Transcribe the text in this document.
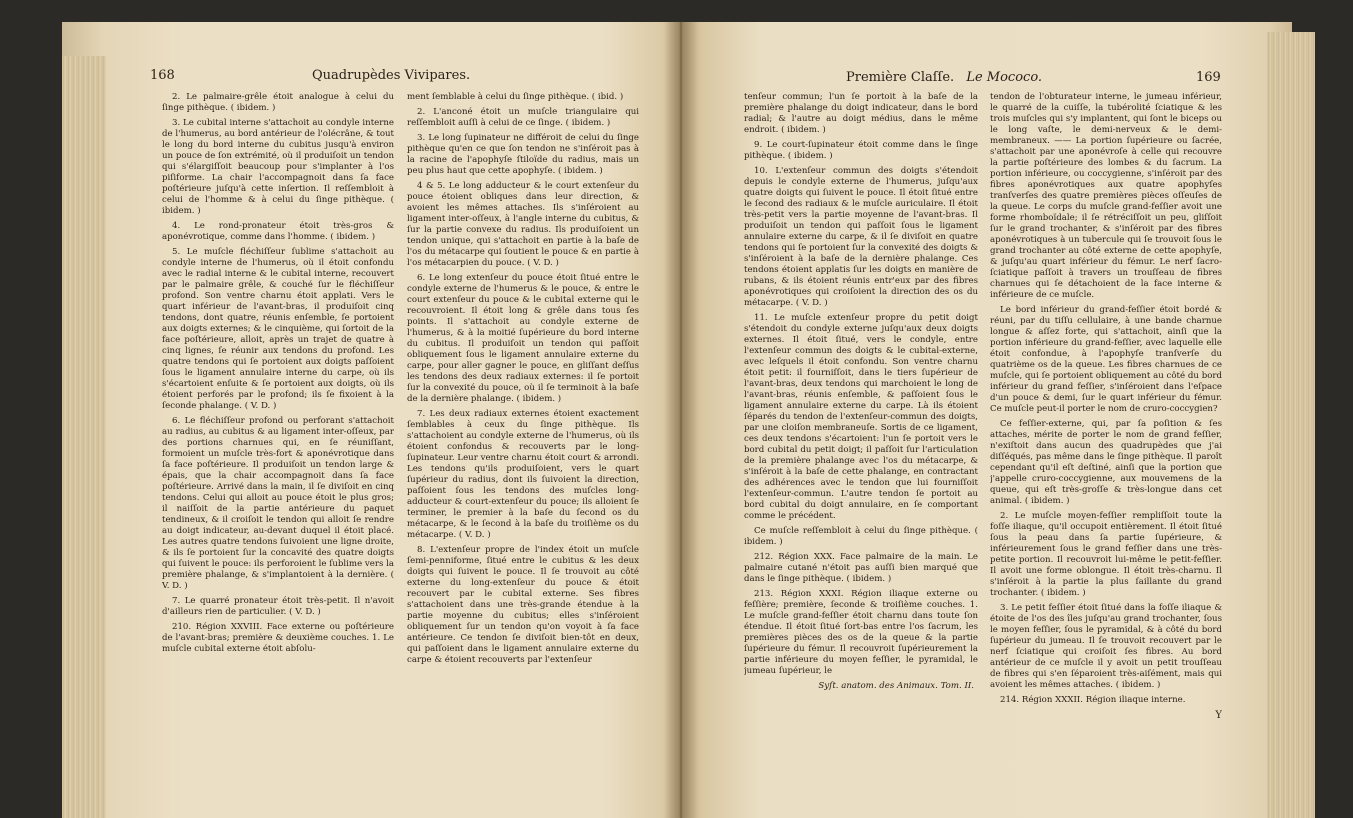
168	Quadrupèdes Vivipares.

2. Le palmaire-grêle étoit analogue à celui du ſinge pithèque. ( ibidem. )

3. Le cubital interne s'attachoit au condyle interne de l'humerus, au bord antérieur de l'olécrâne, & tout le long du bord interne du cubitus jusqu'à environ un pouce de ſon extrémité, où il produiſoit un tendon qui s'élargiſſoit beaucoup pour s'implanter à l'os piſiforme. La chair l'accompagnoit dans ſa face poſtérieure juſqu'à cette inſertion. Il reſſembloit à celui de l'homme & à celui du ſinge pithèque. ( ibidem. )

4. Le rond-pronateur étoit très-gros & aponévrotique, comme dans l'homme. ( ibidem. )

5. Le muſcle fléchiſſeur ſublime s'attachoit au condyle interne de l'humerus, où il étoit confondu avec le radial interne & le cubital interne, recouvert par le palmaire grêle, & couché ſur le fléchiſſeur profond. Son ventre charnu étoit applati. Vers le quart inférieur de l'avant-bras, il produiſoit cinq tendons, dont quatre, réunis enſemble, ſe portoient aux doigts externes; & le cinquième, qui ſortoit de la face poſtérieure, alloit, après un trajet de quatre à cinq lignes, ſe réunir aux tendons du profond. Les quatre tendons qui ſe portoient aux doigts paſſoient ſous le ligament annulaire interne du carpe, où ils s'écartoient enſuite & ſe portoient aux doigts, où ils étoient perforés par le profond; ils ſe fixoient à la ſeconde phalange. ( V. D. )

6. Le fléchiſſeur profond ou perforant s'attachoit au radius, au cubitus & au ligament inter-oſſeux, par des portions charnues qui, en ſe réuniſſant, formoient un muſcle très-fort & aponévrotique dans ſa face poſtérieure. Il produiſoit un tendon large & épais, que la chair accompagnoit dans ſa face poſtérieure. Arrivé dans la main, il ſe diviſoit en cinq tendons. Celui qui alloit au pouce étoit le plus gros; il naiſſoit de la partie antérieure du paquet tendineux, & il croiſoit le tendon qui alloit ſe rendre au doigt indicateur, au-devant duquel il étoit placé. Les autres quatre tendons ſuivoient une ligne droite, & ils ſe portoient ſur la concavité des quatre doigts qui ſuivent le pouce: ils perforoient le ſublime vers la première phalange, & s'implantoient à la dernière. ( V. D. )

7. Le quarré pronateur étoit très-petit. Il n'avoit d'ailleurs rien de particulier. ( V. D. )

210. Région XXVIII. Face externe ou poſtérieure de l'avant-bras; première & deuxième couches. 1. Le muſcle cubital externe étoit abſolu-

ment ſemblable à celui du ſinge pithèque. ( ibid. )

2. L'anconé étoit un muſcle triangulaire qui reſſembloit auſſi à celui de ce ſinge. ( ibidem. )

3. Le long ſupinateur ne différoit de celui du ſinge pithèque qu'en ce que ſon tendon ne s'inſéroit pas à la racine de l'apophyſe ſtiloïde du radius, mais un peu plus haut que cette apophyſe. ( ibidem. )

4 & 5. Le long adducteur & le court extenſeur du pouce étoient obliques dans leur direction, & avoient les mêmes attaches. Ils s'inſéroient au ligament inter-oſſeux, à l'angle interne du cubitus, & ſur la partie convexe du radius. Ils produiſoient un tendon unique, qui s'attachoit en partie à la baſe de l'os du métacarpe qui ſoutient le pouce & en partie à l'os métacarpien du pouce. ( V. D. )

6. Le long extenſeur du pouce étoit ſitué entre le condyle externe de l'humerus & le pouce, & entre le court extenſeur du pouce & le cubital externe qui le recouvroient. Il étoit long & grêle dans tous ſes points. Il s'attachoit au condyle externe de l'humerus, & à la moitié ſupérieure du bord interne du cubitus. Il produiſoit un tendon qui paſſoit obliquement ſous le ligament annulaire externe du carpe, pour aller gagner le pouce, en gliſſant deſſus les tendons des deux radiaux externes: il ſe portoit ſur la convexité du pouce, où il ſe terminoit à la baſe de la dernière phalange. ( ibidem. )

7. Les deux radiaux externes étoient exactement ſemblables à ceux du ſinge pithèque. Ils s'attachoient au condyle externe de l'humerus, où ils étoient confondus & recouverts par le long-ſupinateur. Leur ventre charnu étoit court & arrondi. Les tendons qu'ils produiſoient, vers le quart ſupérieur du radius, dont ils ſuivoient la direction, paſſoient ſous les tendons des muſcles long-adducteur & court-extenſeur du pouce; ils alloient ſe terminer, le premier à la baſe du ſecond os du métacarpe, & le ſecond à la baſe du troiſième os du métacarpe. ( V. D. )

8. L'extenſeur propre de l'index étoit un muſcle ſemi-penniforme, ſitué entre le cubitus & les deux doigts qui ſuivent le pouce. Il ſe trouvoit au côté externe du long-extenſeur du pouce & étoit recouvert par le cubital externe. Ses fibres s'attachoient dans une très-grande étendue à la partie moyenne du cubitus; elles s'inſéroient obliquement ſur un tendon qu'on voyoit à ſa face antérieure. Ce tendon ſe diviſoit bien-tôt en deux, qui paſſoient dans le ligament annulaire externe du carpe & étoient recouverts par l'extenſeur

Première Claſſe. Le Mococo.	169

tenſeur commun; l'un ſe portoit à la baſe de la première phalange du doigt indicateur, dans le bord radial; & l'autre au doigt médius, dans le même endroit. ( ibidem. )

9. Le court-ſupinateur étoit comme dans le ſinge pithèque. ( ibidem. )

10. L'extenſeur commun des doigts s'étendoit depuis le condyle externe de l'humerus, juſqu'aux quatre doigts qui ſuivent le pouce. Il étoit ſitué entre le ſecond des radiaux & le muſcle auriculaire. Il étoit très-petit vers la partie moyenne de l'avant-bras. Il produiſoit un tendon qui paſſoit ſous le ligament annulaire externe du carpe, & il ſe diviſoit en quatre tendons qui ſe portoient ſur la convexité des doigts & s'inſéroient à la baſe de la dernière phalange. Ces tendons étoient applatis ſur les doigts en manière de rubans, & ils étoient réunis entr'eux par des fibres aponévrotiques qui croiſoient la direction des os du métacarpe. ( V. D. )

11. Le muſcle extenſeur propre du petit doigt s'étendoit du condyle externe juſqu'aux deux doigts externes. Il étoit ſitué, vers le condyle, entre l'extenſeur commun des doigts & le cubital-externe, avec leſquels il étoit confondu. Son ventre charnu étoit petit: il fourniſſoit, dans le tiers ſupérieur de l'avant-bras, deux tendons qui marchoient le long de l'avant-bras, réunis enſemble, & paſſoient ſous le ligament annulaire externe du carpe. Là ils étoient ſéparés du tendon de l'extenſeur-commun des doigts, par une cloiſon membraneuſe. Sortis de ce ligament, ces deux tendons s'écartoient: l'un ſe portoit vers le bord cubital du petit doigt; il paſſoit ſur l'articulation de la première phalange avec l'os du métacarpe, & s'inſéroit à la baſe de cette phalange, en contractant des adhérences avec le tendon que lui fourniſſoit l'extenſeur-commun. L'autre tendon ſe portoit au bord cubital du doigt annulaire, en ſe comportant comme le précédent.

Ce muſcle reſſembloit à celui du ſinge pithèque. ( ibidem. )

212. Région XXX. Face palmaire de la main. Le palmaire cutané n'étoit pas auſſi bien marqué que dans le ſinge pithèque. ( ibidem. )

213. Région XXXI. Région iliaque externe ou feſſière; première, ſeconde & troiſième couches. 1. Le muſcle grand-feſſier étoit charnu dans toute ſon étendue. Il étoit ſitué ſort-bas entre l'os ſacrum, les premières pièces des os de la queue & la partie ſupérieure du fémur. Il recouvroit ſupérieurement la partie inférieure du moyen feſſier, le pyramidal, le jumeau ſupérieur, le

Syſt. anatom. des Animaux. Tom. II.

tendon de l'obturateur interne, le jumeau inférieur, le quarré de la cuiſſe, la tubérolité ſciatique & les trois muſcles qui s'y implantent, qui ſont le biceps ou le long vaſte, le demi-nerveux & le demi-membraneux. —— La portion ſupérieure ou ſacrée, s'attachoit par une aponévroſe à celle qui recouvre la partie poſtérieure des lombes & du ſacrum. La portion inférieure, ou coccygienne, s'inſéroit par des fibres aponévrotiques aux quatre apophyſes tranſverſes des quatre premières pièces oſſeuſes de la queue. Le corps du muſcle grand-feſſier avoit une forme rhomboïdale; il ſe rétréciſſoit un peu, gliſſoit ſur le grand trochanter, & s'inſéroit par des fibres aponévrotiques à un tubercule qui ſe trouvoit ſous le grand trochanter au côté externe de cette apophyſe, & juſqu'au quart inférieur du fémur. Le nerf ſacro-ſciatique paſſoit à travers un trouſſeau de fibres charnues qui ſe détachoient de la face interne & inférieure de ce muſcle.

Le bord inférieur du grand-feſſier étoit bordé & réuni, par du tiſſu cellulaire, à une bande charnue longue & aſſez forte, qui s'attachoit, ainſi que la portion inférieure du grand-feſſier, avec laquelle elle étoit confondue, à l'apophyſe tranſverſe du quatrième os de la queue. Les fibres charnues de ce muſcle, qui ſe portoient obliquement au côté du bord inférieur du grand feſſier, s'inſéroient dans l'eſpace d'un pouce & demi, ſur le quart inférieur du fémur. Ce muſcle peut-il porter le nom de cruro-coccygien?

Ce feſſier-externe, qui, par ſa poſition & ſes attaches, mérite de porter le nom de grand feſſier, n'exiſtoit dans aucun des quadrupèdes que j'ai diſſéqués, pas même dans le ſinge pithèque. Il paroît cependant qu'il eſt deſtiné, ainſi que la portion que j'appelle cruro-coccygienne, aux mouvemens de la queue, qui eſt très-groſſe & très-longue dans cet animal. ( ibidem. )

2. Le muſcle moyen-feſſier rempliſſoit toute la foſſe iliaque, qu'il occupoit entièrement. Il étoit ſitué ſous la peau dans ſa partie ſupérieure, & inférieurement ſous le grand feſſier dans une très-petite portion. Il recouvroit lui-même le petit-feſſier. Il avoit une forme oblongue. Il étoit très-charnu. Il s'inſéroit à la partie la plus ſaillante du grand trochanter. ( ibidem. )

3. Le petit feſſier étoit ſitué dans la foſſe iliaque & étoite de l'os des îles juſqu'au grand trochanter, ſous le moyen feſſier, ſous le pyramidal, & à côté du bord ſupérieur du jumeau. Il ſe trouvoit recouvert par le nerf ſciatique qui croiſoit ſes fibres. Au bord antérieur de ce muſcle il y avoit un petit trouſſeau de fibres qui s'en ſéparoient très-aiſément, mais qui avoient les mêmes attaches. ( ibidem. )

214. Région XXXII. Région iliaque interne.

Y
